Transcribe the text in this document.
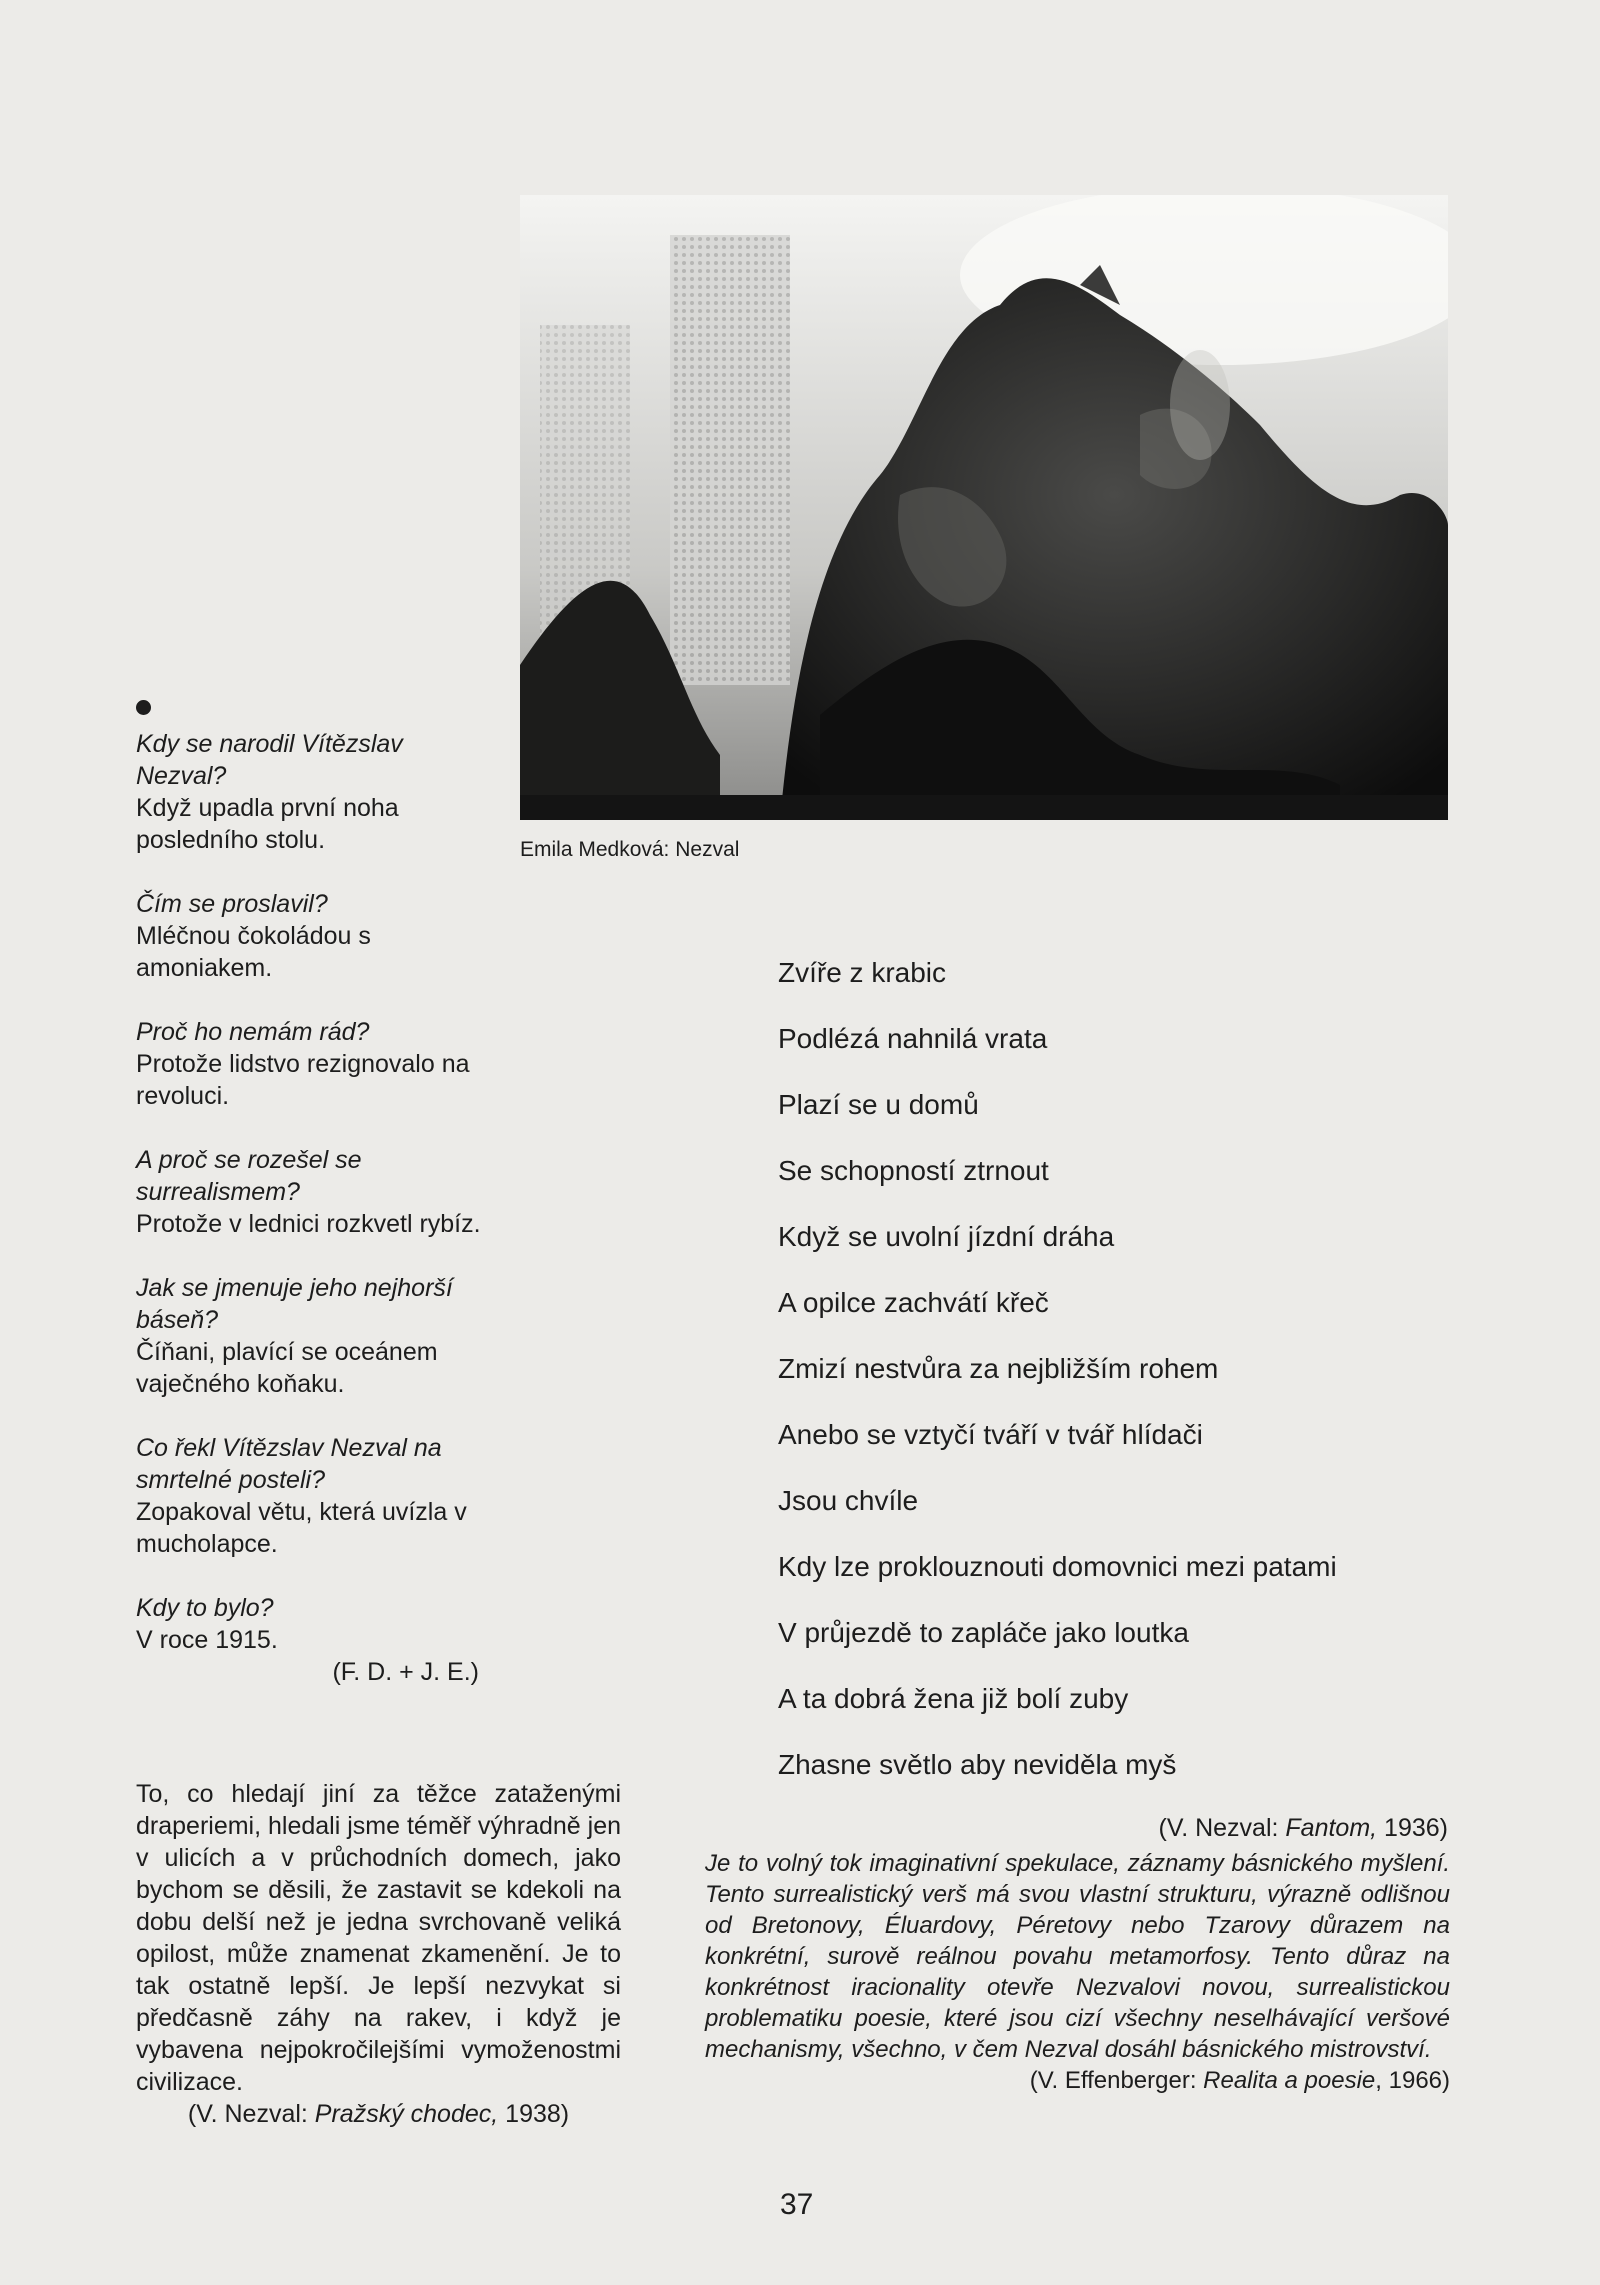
Emila Medková: Nezval
Kdy se narodil Vítězslav Nezval?
Když upadla první noha posledního stolu.
Čím se proslavil?
Mléčnou čokoládou s amoniakem.
Proč ho nemám rád?
Protože lidstvo rezignovalo na revoluci.
A proč se rozešel se surrealismem?
Protože v lednici rozkvetl rybíz.
Jak se jmenuje jeho nejhorší báseň?
Číňani, plavící se oceánem vaječného koňaku.
Co řekl Vítězslav Nezval na smrtelné posteli?
Zopakoval větu, která uvízla v mucholapce.
Kdy to bylo?
V roce 1915.
(F. D. + J. E.)
To, co hledají jiní za těžce zataženými draperiemi, hledali jsme téměř výhradně jen v ulicích a v průchodních domech, jako bychom se děsili, že zastavit se kdekoli na dobu delší než je jedna svrchovaně veliká opilost, může znamenat zkamenění. Je to tak ostatně lepší. Je lepší nezvykat si předčasně záhy na rakev, i když je vybavena nejpokročilejšími vymoženostmi civilizace.
(V. Nezval: Pražský chodec, 1938)
Zvíře z krabic
Podlézá nahnilá vrata
Plazí se u domů
Se schopností ztrnout
Když se uvolní jízdní dráha
A opilce zachvátí křeč
Zmizí nestvůra za nejbližším rohem
Anebo se vztyčí tváří v tvář hlídači
Jsou chvíle
Kdy lze proklouznouti domovnici mezi patami
V průjezdě to zapláče jako loutka
A ta dobrá žena již bolí zuby
Zhasne světlo aby neviděla myš
(V. Nezval: Fantom, 1936)
Je to volný tok imaginativní spekulace, záznamy básnického myšlení. Tento surrealistický verš má svou vlastní strukturu, výrazně odlišnou od Bretonovy, Éluardovy, Péretovy nebo Tzarovy důrazem na konkrétní, surově reálnou povahu metamorfosy. Tento důraz na konkrétnost iracionality otevře Nezvalovi novou, surrealistickou problematiku poesie, které jsou cizí všechny neselhávající veršové mechanismy, všechno, v čem Nezval dosáhl básnického mistrovství.
(V. Effenberger: Realita a poesie, 1966)
37
